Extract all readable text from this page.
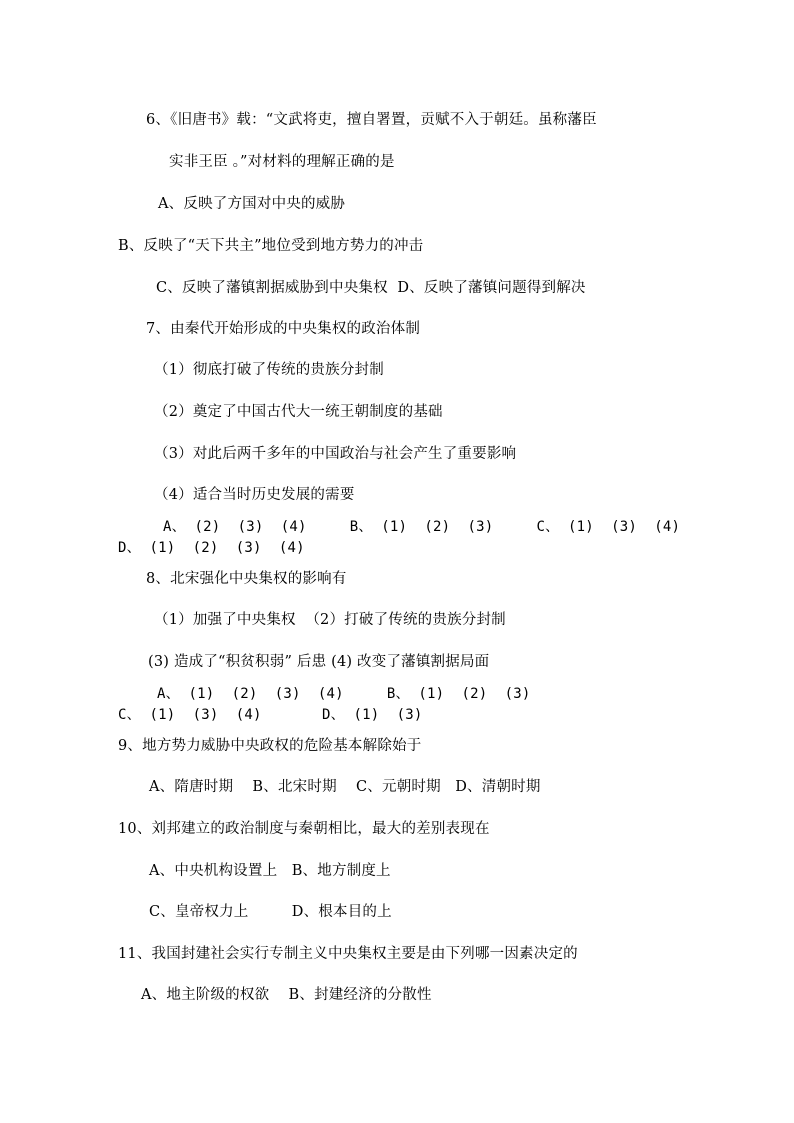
6、《旧唐书》载：“文武将吏，擅自署置，贡赋不入于朝廷。虽称藩臣
实非王臣 。”对材料的理解正确的是
A、反映了方国对中央的威胁
B、反映了“天下共主”地位受到地方势力的冲击
C、反映了藩镇割据威胁到中央集权  D、反映了藩镇问题得到解决
7、由秦代开始形成的中央集权的政治体制
（1）彻底打破了传统的贵族分封制
（2）奠定了中国古代大一统王朝制度的基础
（3）对此后两千多年的中国政治与社会产生了重要影响
（4）适合当时历史发展的需要
A、 (2)  (3)  (4)     B、 (1)  (2)  (3)     C、 (1)  (3)  (4)
D、 (1)  (2)  (3)  (4)
8、北宋强化中央集权的影响有
（1）加强了中央集权  （2）打破了传统的贵族分封制
(3) 造成了“积贫积弱” 后患 (4) 改变了藩镇割据局面
A、 (1)  (2)  (3)  (4)     B、 (1)  (2)  (3)
C、 (1)  (3)  (4)       D、 (1)  (3)
9、地方势力威胁中央政权的危险基本解除始于
A、隋唐时期    B、北宋时期    C、元朝时期   D、清朝时期
10、刘邦建立的政治制度与秦朝相比，最大的差别表现在
A、中央机构设置上   B、地方制度上
C、皇帝权力上         D、根本目的上
11、我国封建社会实行专制主义中央集权主要是由下列哪一因素决定的
A、地主阶级的权欲    B、封建经济的分散性
